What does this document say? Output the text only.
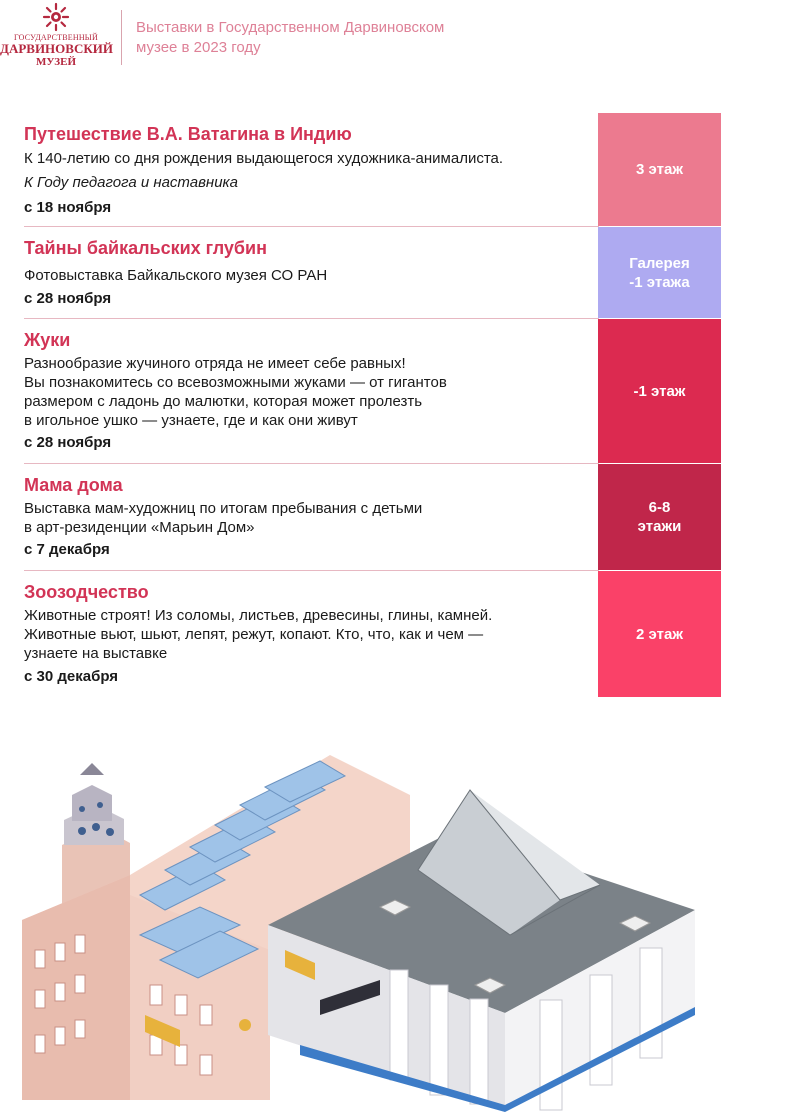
ГОСУДАРСТВЕННЫЙ
ДАРВИНОВСКИЙ
МУЗЕЙ
Выставки в Государственном Дарвиновском музее в 2023 году
Путешествие В.А. Ватагина в Индию
К 140-летию со дня рождения выдающегося художника-анималиста.
К Году педагога и наставника
с 18 ноября
3 этаж
Тайны байкальских глубин
Фотовыставка Байкальского музея СО РАН
с 28 ноября
Галерея
-1 этажа
Жуки
Разнообразие жучиного отряда не имеет себе равных!
Вы познакомитесь со всевозможными жуками — от гигантов
размером с ладонь до малютки, которая может пролезть
в игольное ушко — узнаете, где и как они живут
с 28 ноября
-1 этаж
Мама дома
Выставка мам-художниц по итогам пребывания с детьми
в арт-резиденции «Марьин Дом»
с 7 декабря
6-8
этажи
Зоозодчество
Животные строят! Из соломы, листьев, древесины, глины, камней.
Животные вьют, шьют, лепят, режут, копают. Кто, что, как и чем —
узнаете на выставке
с 30 декабря
2 этаж
